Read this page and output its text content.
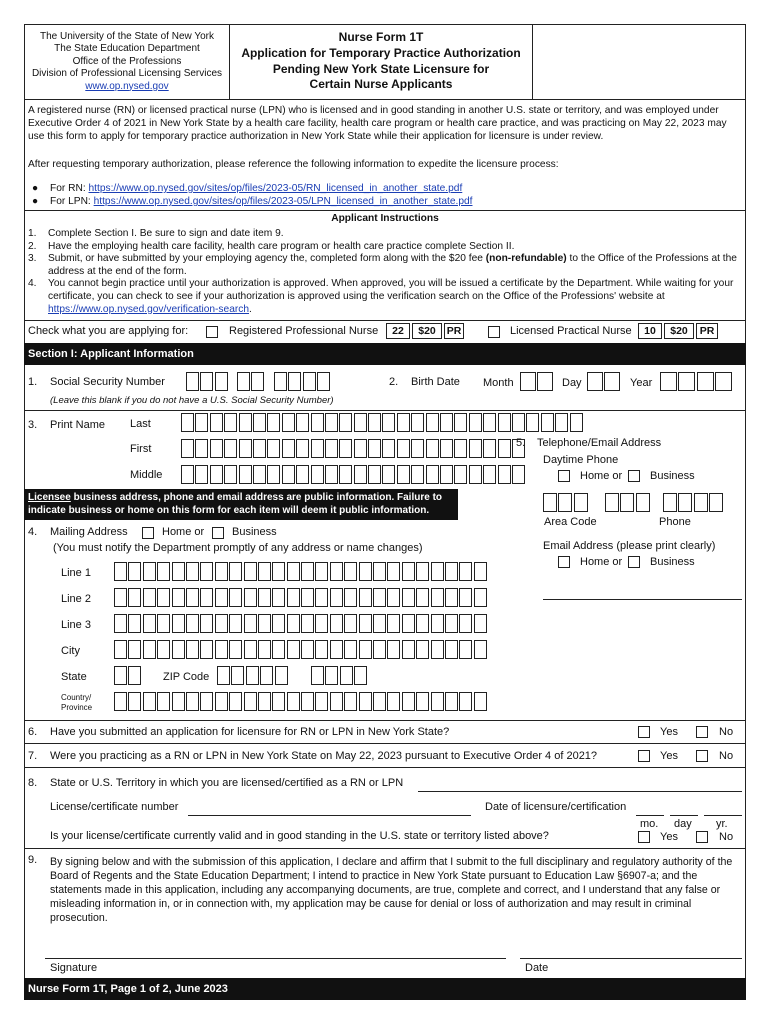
The University of the State of New York
The State Education Department
Office of the Professions
Division of Professional Licensing Services
www.op.nysed.gov
Nurse Form 1T
Application for Temporary Practice Authorization
Pending New York State Licensure for
Certain Nurse Applicants
A registered nurse (RN) or licensed practical nurse (LPN) who is licensed and in good standing in another U.S. state or territory, and was employed under Executive Order 4 of 2021 in New York State by a health care facility, health care program or health care practice, and was practicing on May 22, 2023 may use this form to apply for temporary practice authorization in New York State while their application for licensure is under review.
After requesting temporary authorization, please reference the following information to expedite the licensure process:
● For RN: https://www.op.nysed.gov/sites/op/files/2023-05/RN_licensed_in_another_state.pdf
● For LPN: https://www.op.nysed.gov/sites/op/files/2023-05/LPN_licensed_in_another_state.pdf
Applicant Instructions
1. Complete Section I. Be sure to sign and date item 9.
2. Have the employing health care facility, health care program or health care practice complete Section II.
3. Submit, or have submitted by your employing agency the, completed form along with the $20 fee (non-refundable) to the Office of the Professions at the address at the end of the form.
4. You cannot begin practice until your authorization is approved. When approved, you will be issued a certificate by the Department. While waiting for your certificate, you can check to see if your authorization is approved using the verification search on the Office of the Professions' website at https://www.op.nysed.gov/verification-search.
Check what you are applying for:	Registered Professional Nurse	22	$20	PR	Licensed Practical Nurse	10	$20	PR
Section I: Applicant Information
1. Social Security Number
(Leave this blank if you do not have a U.S. Social Security Number)
2. Birth Date Month	Day	Year
3. Print Name Last
First
Middle
5. Telephone/Email Address
Daytime Phone
Home or	Business
Area Code	Phone
Email Address (please print clearly)
Home or	Business
Licensee business address, phone and email address are public information. Failure to indicate business or home on this form for each item will deem it public information.
4. Mailing Address	Home or	Business
(You must notify the Department promptly of any address or name changes)
Line 1
Line 2
Line 3
City
State	ZIP Code
Country/
Province
6. Have you submitted an application for licensure for RN or LPN in New York State?	Yes	No
7. Were you practicing as a RN or LPN in New York State on May 22, 2023 pursuant to Executive Order 4 of 2021?	Yes	No
8. State or U.S. Territory in which you are licensed/certified as a RN or LPN
License/certificate number	Date of licensure/certification
mo. day yr.
Is your license/certificate currently valid and in good standing in the U.S. state or territory listed above?	Yes	No
9. By signing below and with the submission of this application, I declare and affirm that I submit to the full disciplinary and regulatory authority of the Board of Regents and the State Education Department; I intend to practice in New York State pursuant to Education Law §6907-a; and the statements made in this application, including any accompanying documents, are true, complete and correct, and I understand that any false or misleading information in, or in connection with, my application may be cause for denial or loss of authorization and may result in criminal prosecution.
Signature	Date
Nurse Form 1T, Page 1 of 2, June 2023
